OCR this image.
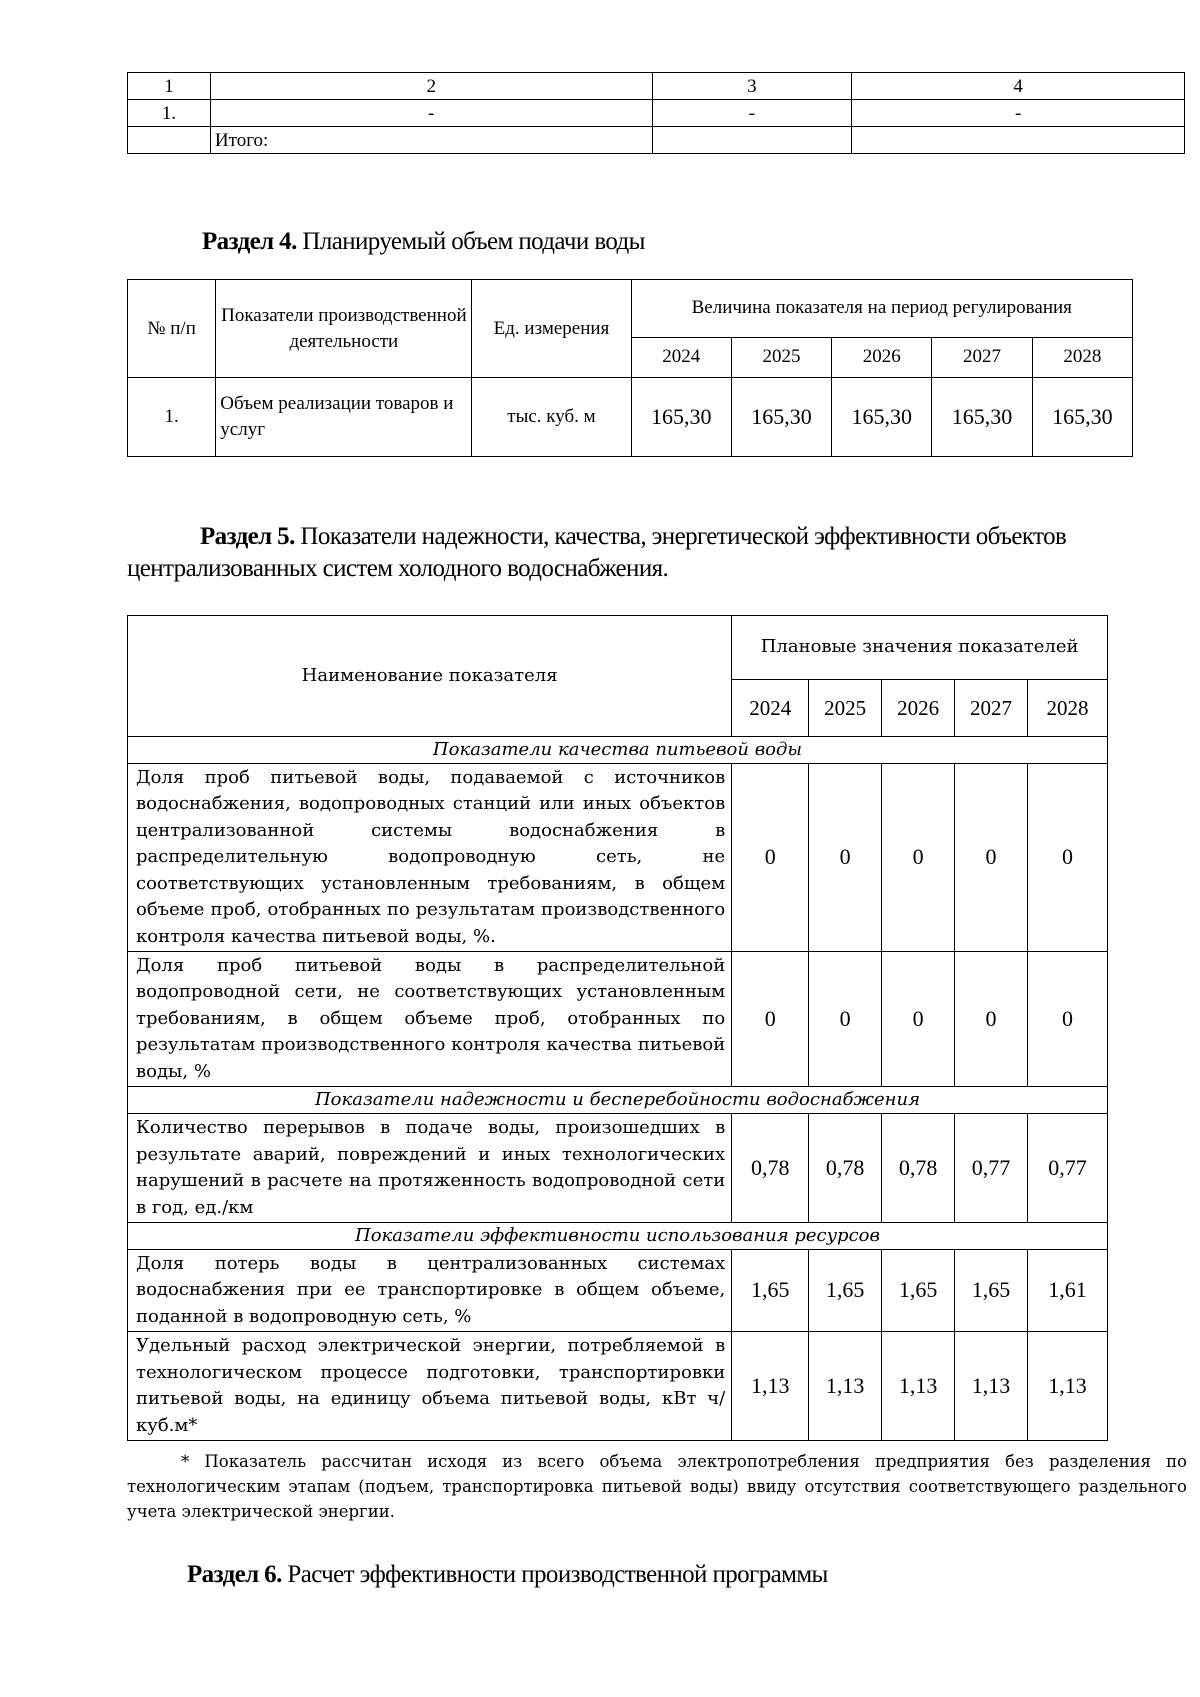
1	2	3	4
1.	-	-	-
	Итого:		
Раздел 4. Планируемый объем подачи воды
№ п/п	Показатели производственной деятельности	Ед. измерения	Величина показателя на период регулирования				
			2024	2025	2026	2027	2028
1.	Объем реализации товаров и услуг	тыс. куб. м	165,30	165,30	165,30	165,30	165,30
Раздел 5. Показатели надежности, качества, энергетической эффективности объектов централизованных систем холодного водоснабжения.
Наименование показателя	Плановые значения показателей				
	2024	2025	2026	2027	2028
Показатели качества питьевой воды					
Доля проб питьевой воды, подаваемой с источников водоснабжения, водопроводных станций или иных объектов централизованной системы водоснабжения в распределительную водопроводную сеть, не соответствующих установленным требованиям, в общем объеме проб, отобранных по результатам производственного контроля качества питьевой воды, %.	0	0	0	0	0
Доля проб питьевой воды в распределительной водопроводной сети, не соответствующих установленным требованиям, в общем объеме проб, отобранных по результатам производственного контроля качества питьевой воды, %	0	0	0	0	0
Показатели надежности и бесперебойности водоснабжения					
Количество перерывов в подаче воды, произошедших в результате аварий, повреждений и иных технологических нарушений в расчете на протяженность водопроводной сети в год, ед./км	0,78	0,78	0,78	0,77	0,77
Показатели эффективности использования ресурсов					
Доля потерь воды в централизованных системах водоснабжения при ее транспортировке в общем объеме, поданной в водопроводную сеть, %	1,65	1,65	1,65	1,65	1,61
Удельный расход электрической энергии, потребляемой в технологическом процессе подготовки, транспортировки питьевой воды, на единицу объема питьевой воды, кВт ч/куб.м*	1,13	1,13	1,13	1,13	1,13

* Показатель рассчитан исходя из всего объема электропотребления предприятия без разделения по технологическим этапам (подъем, транспортировка питьевой воды) ввиду отсутствия соответствующего раздельного учета электрической энергии.

Раздел 6. Расчет эффективности производственной программы
